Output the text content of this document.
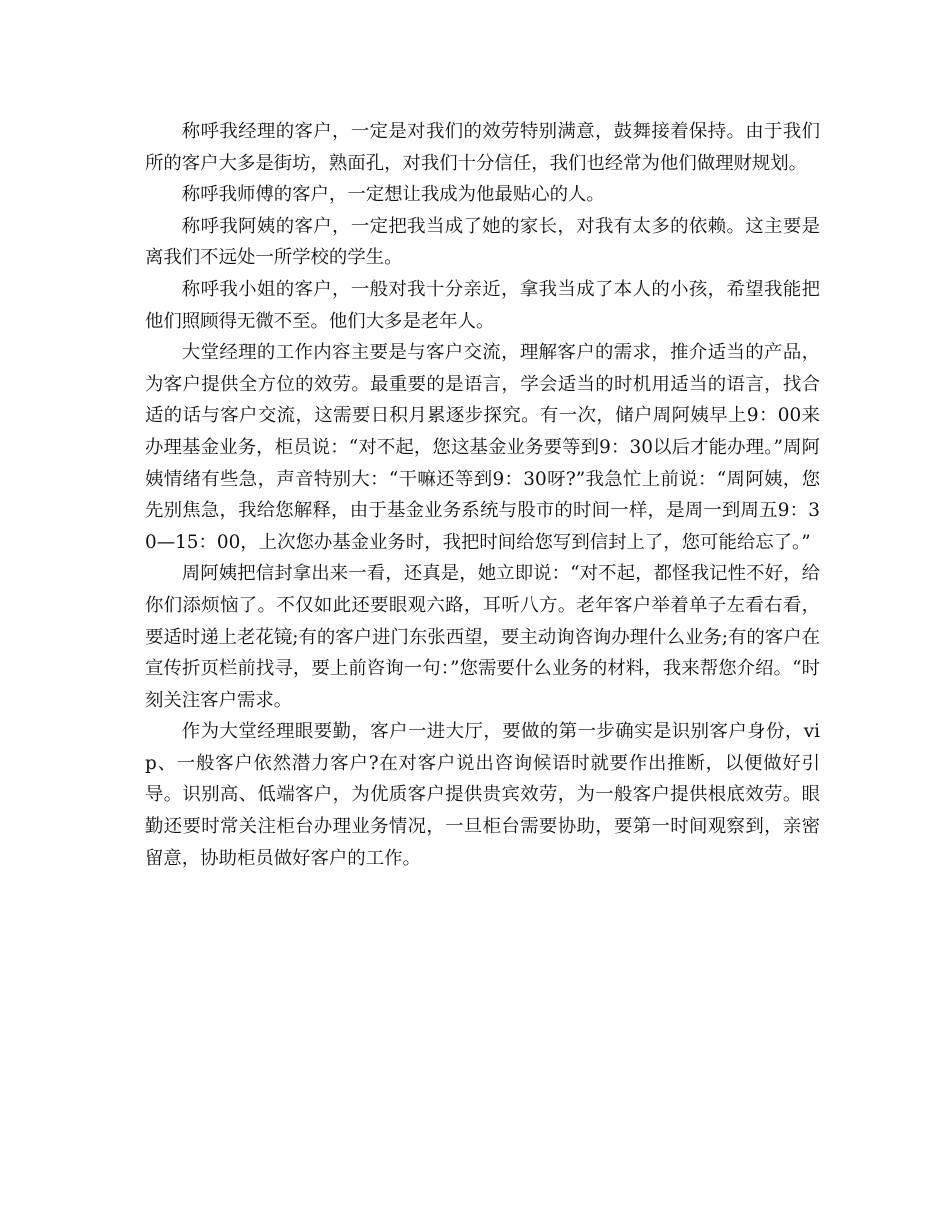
称呼我经理的客户，一定是对我们的效劳特别满意，鼓舞接着保持。由于我们所的客户大多是街坊，熟面孔，对我们十分信任，我们也经常为他们做理财规划。

称呼我师傅的客户，一定想让我成为他最贴心的人。

称呼我阿姨的客户，一定把我当成了她的家长，对我有太多的依赖。这主要是离我们不远处一所学校的学生。

称呼我小姐的客户，一般对我十分亲近，拿我当成了本人的小孩，希望我能把他们照顾得无微不至。他们大多是老年人。

大堂经理的工作内容主要是与客户交流，理解客户的需求，推介适当的产品，为客户提供全方位的效劳。最重要的是语言，学会适当的时机用适当的语言，找合适的话与客户交流，这需要日积月累逐步探究。有一次，储户周阿姨早上9：00来办理基金业务，柜员说：“对不起，您这基金业务要等到9：30以后才能办理。”周阿姨情绪有些急，声音特别大：“干嘛还等到9：30呀?”我急忙上前说：“周阿姨，您先别焦急，我给您解释，由于基金业务系统与股市的时间一样，是周一到周五9：30—15：00，上次您办基金业务时，我把时间给您写到信封上了，您可能给忘了。”

周阿姨把信封拿出来一看，还真是，她立即说：“对不起，都怪我记性不好，给你们添烦恼了。不仅如此还要眼观六路，耳听八方。老年客户举着单子左看右看，要适时递上老花镜;有的客户进门东张西望，要主动询咨询办理什么业务;有的客户在宣传折页栏前找寻，要上前咨询一句：”您需要什么业务的材料，我来帮您介绍。“时刻关注客户需求。

作为大堂经理眼要勤，客户一进大厅，要做的第一步确实是识别客户身份，vip、一般客户依然潜力客户?在对客户说出咨询候语时就要作出推断，以便做好引导。识别高、低端客户，为优质客户提供贵宾效劳，为一般客户提供根底效劳。眼勤还要时常关注柜台办理业务情况，一旦柜台需要协助，要第一时间观察到，亲密留意，协助柜员做好客户的工作。
